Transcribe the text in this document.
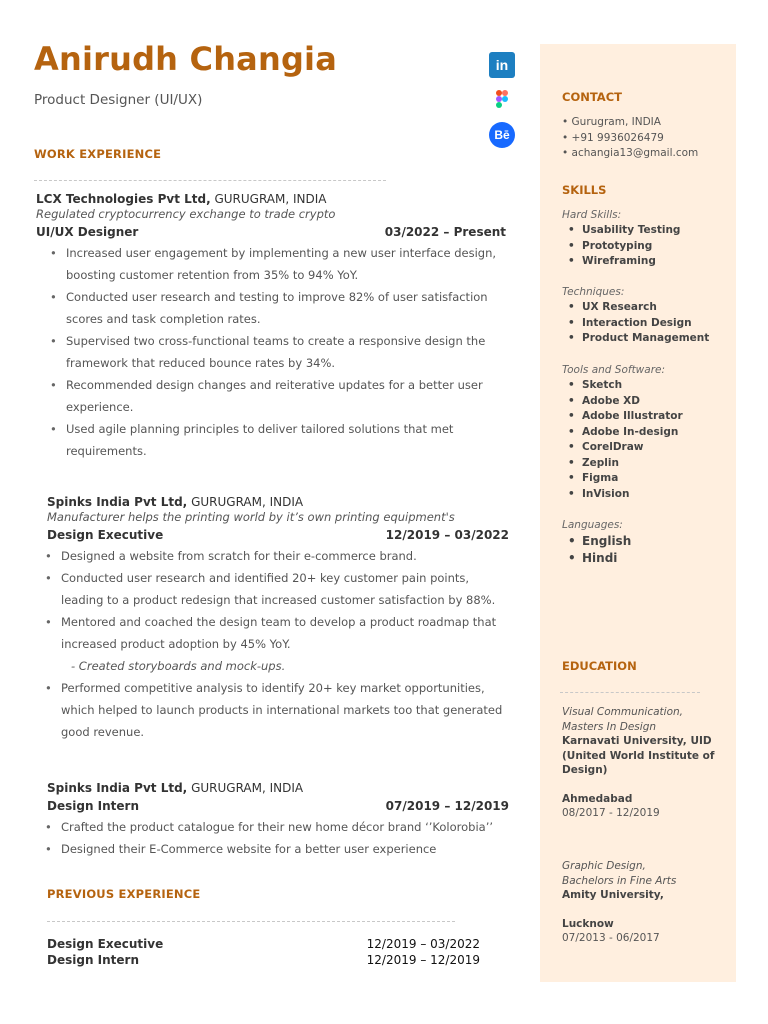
Anirudh Changia
Product Designer (UI/UX)
in
Bē
WORK EXPERIENCE
LCX Technologies Pvt Ltd, GURUGRAM, INDIA
Regulated cryptocurrency exchange to trade crypto
UI/UX Designer	03/2022 – Present
• Increased user engagement by implementing a new user interface design, boosting customer retention from 35% to 94% YoY.
• Conducted user research and testing to improve 82% of user satisfaction scores and task completion rates.
• Supervised two cross-functional teams to create a responsive design the framework that reduced bounce rates by 34%.
• Recommended design changes and reiterative updates for a better user experience.
• Used agile planning principles to deliver tailored solutions that met requirements.
Spinks India Pvt Ltd, GURUGRAM, INDIA
Manufacturer helps the printing world by it’s own printing equipment's
Design Executive	12/2019 – 03/2022
• Designed a website from scratch for their e-commerce brand.
• Conducted user research and identified 20+ key customer pain points, leading to a product redesign that increased customer satisfaction by 88%.
• Mentored and coached the design team to develop a product roadmap that increased product adoption by 45% YoY.
- Created storyboards and mock-ups.
• Performed competitive analysis to identify 20+ key market opportunities, which helped to launch products in international markets too that generated good revenue.
Spinks India Pvt Ltd, GURUGRAM, INDIA
Design Intern	07/2019 – 12/2019
• Crafted the product catalogue for their new home décor brand ‘’Kolorobia’’
• Designed their E-Commerce website for a better user experience
PREVIOUS EXPERIENCE
Design Executive	12/2019 – 03/2022
Design Intern	12/2019 – 12/2019
CONTACT
• Gurugram, INDIA
• +91 9936026479
• achangia13@gmail.com
SKILLS
Hard Skills:
• Usability Testing
• Prototyping
• Wireframing
Techniques:
• UX Research
• Interaction Design
• Product Management
Tools and Software:
• Sketch
• Adobe XD
• Adobe Illustrator
• Adobe In-design
• CorelDraw
• Zeplin
• Figma
• InVision
Languages:
• English
• Hindi
EDUCATION
Visual Communication,
Masters In Design
Karnavati University, UID (United World Institute of Design)
Ahmedabad
08/2017 - 12/2019
Graphic Design,
Bachelors in Fine Arts
Amity University,
Lucknow
07/2013 - 06/2017
